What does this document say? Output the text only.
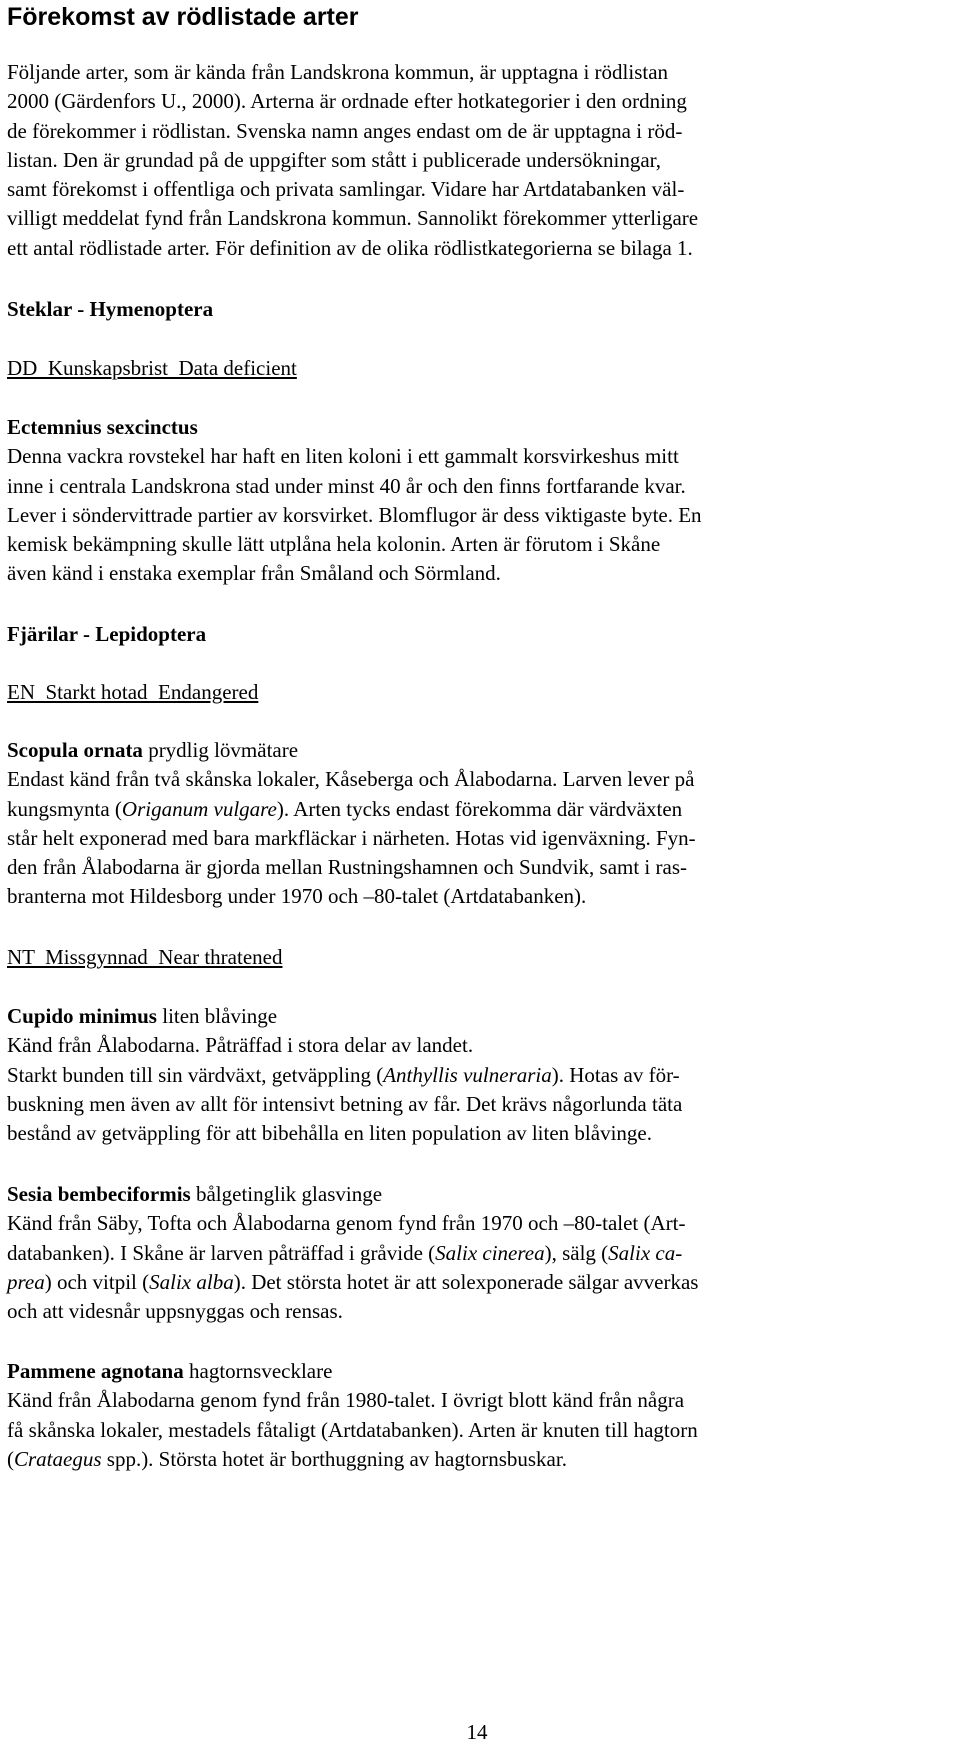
Förekomst av rödlistade arter
Följande arter, som är kända från Landskrona kommun, är upptagna i rödlistan
2000 (Gärdenfors U., 2000). Arterna är ordnade efter hotkategorier i den ordning
de förekommer i rödlistan. Svenska namn anges endast om de är upptagna i röd-
listan. Den är grundad på de uppgifter som stått i publicerade undersökningar,
samt förekomst i offentliga och privata samlingar. Vidare har Artdatabanken väl-
villigt meddelat fynd från Landskrona kommun. Sannolikt förekommer ytterligare
ett antal rödlistade arter. För definition av de olika rödlistkategorierna se bilaga 1.
Steklar - Hymenoptera
DD  Kunskapsbrist  Data deficient
Ectemnius sexcinctus
Denna vackra rovstekel har haft en liten koloni i ett gammalt korsvirkeshus mitt
inne i centrala Landskrona stad under minst 40 år och den finns fortfarande kvar.
Lever i söndervittrade partier av korsvirket. Blomflugor är dess viktigaste byte. En
kemisk bekämpning skulle lätt utplåna hela kolonin. Arten är förutom i Skåne
även känd i enstaka exemplar från Småland och Sörmland.
Fjärilar - Lepidoptera
EN  Starkt hotad  Endangered
Scopula ornata prydlig lövmätare
Endast känd från två skånska lokaler, Kåseberga och Ålabodarna. Larven lever på
kungsmynta (Origanum vulgare). Arten tycks endast förekomma där värdväxten
står helt exponerad med bara markfläckar i närheten. Hotas vid igenväxning. Fyn-
den från Ålabodarna är gjorda mellan Rustningshamnen och Sundvik, samt i ras-
branterna mot Hildesborg under 1970 och –80-talet (Artdatabanken).
NT  Missgynnad  Near thratened
Cupido minimus liten blåvinge
Känd från Ålabodarna. Påträffad i stora delar av landet.
Starkt bunden till sin värdväxt, getväppling (Anthyllis vulneraria). Hotas av för-
buskning men även av allt för intensivt betning av får. Det krävs någorlunda täta
bestånd av getväppling för att bibehålla en liten population av liten blåvinge.
Sesia bembeciformis bålgetinglik glasvinge
Känd från Säby, Tofta och Ålabodarna genom fynd från 1970 och –80-talet (Art-
databanken). I Skåne är larven påträffad i gråvide (Salix cinerea), sälg (Salix ca-
prea) och vitpil (Salix alba). Det största hotet är att solexponerade sälgar avverkas
och att videsnår uppsnyggas och rensas.
Pammene agnotana hagtornsvecklare
Känd från Ålabodarna genom fynd från 1980-talet. I övrigt blott känd från några
få skånska lokaler, mestadels fåtaligt (Artdatabanken). Arten är knuten till hagtorn
(Crataegus spp.). Största hotet är borthuggning av hagtornsbuskar.
14
